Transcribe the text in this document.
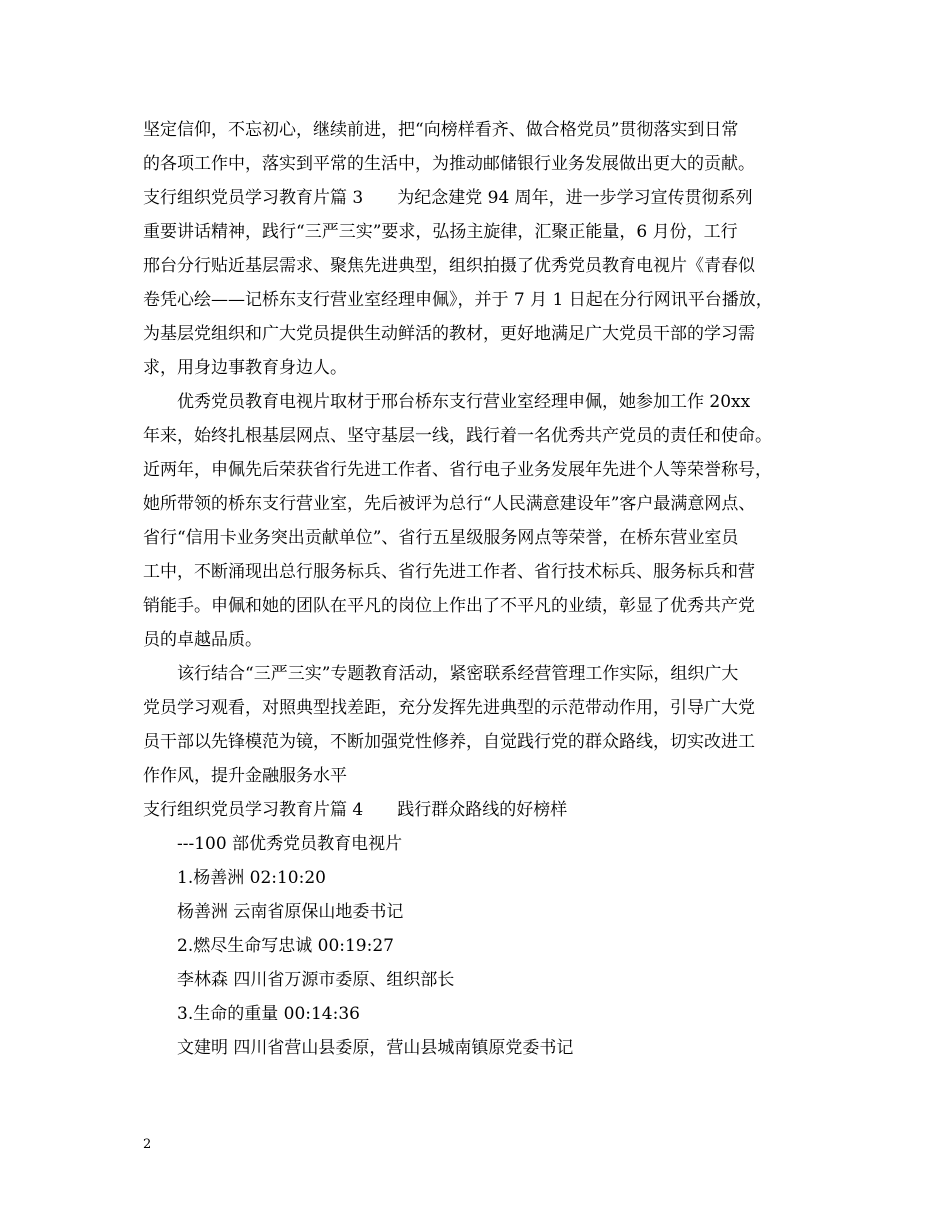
坚定信仰，不忘初心，继续前进，把“向榜样看齐、做合格党员”贯彻落实到日常
的各项工作中，落实到平常的生活中，为推动邮储银行业务发展做出更大的贡献。
支行组织党员学习教育片篇 3　　为纪念建党 94 周年，进一步学习宣传贯彻系列
重要讲话精神，践行“三严三实”要求，弘扬主旋律，汇聚正能量，6 月份，工行
邢台分行贴近基层需求、聚焦先进典型，组织拍摄了优秀党员教育电视片《青春似
卷凭心绘——记桥东支行营业室经理申佩》，并于 7 月 1 日起在分行网讯平台播放，
为基层党组织和广大党员提供生动鲜活的教材，更好地满足广大党员干部的学习需
求，用身边事教育身边人。
优秀党员教育电视片取材于邢台桥东支行营业室经理申佩，她参加工作 20xx
年来，始终扎根基层网点、坚守基层一线，践行着一名优秀共产党员的责任和使命。
近两年，申佩先后荣获省行先进工作者、省行电子业务发展年先进个人等荣誉称号，
她所带领的桥东支行营业室，先后被评为总行“人民满意建设年”客户最满意网点、
省行“信用卡业务突出贡献单位”、省行五星级服务网点等荣誉，在桥东营业室员
工中，不断涌现出总行服务标兵、省行先进工作者、省行技术标兵、服务标兵和营
销能手。申佩和她的团队在平凡的岗位上作出了不平凡的业绩，彰显了优秀共产党
员的卓越品质。
该行结合“三严三实”专题教育活动，紧密联系经营管理工作实际，组织广大
党员学习观看，对照典型找差距，充分发挥先进典型的示范带动作用，引导广大党
员干部以先锋模范为镜，不断加强党性修养，自觉践行党的群众路线，切实改进工
作作风，提升金融服务水平
支行组织党员学习教育片篇 4　　践行群众路线的好榜样
---100 部优秀党员教育电视片
1.杨善洲 02:10:20
杨善洲 云南省原保山地委书记
2.燃尽生命写忠诚 00:19:27
李林森 四川省万源市委原、组织部长
3.生命的重量 00:14:36
文建明 四川省营山县委原，营山县城南镇原党委书记
2
